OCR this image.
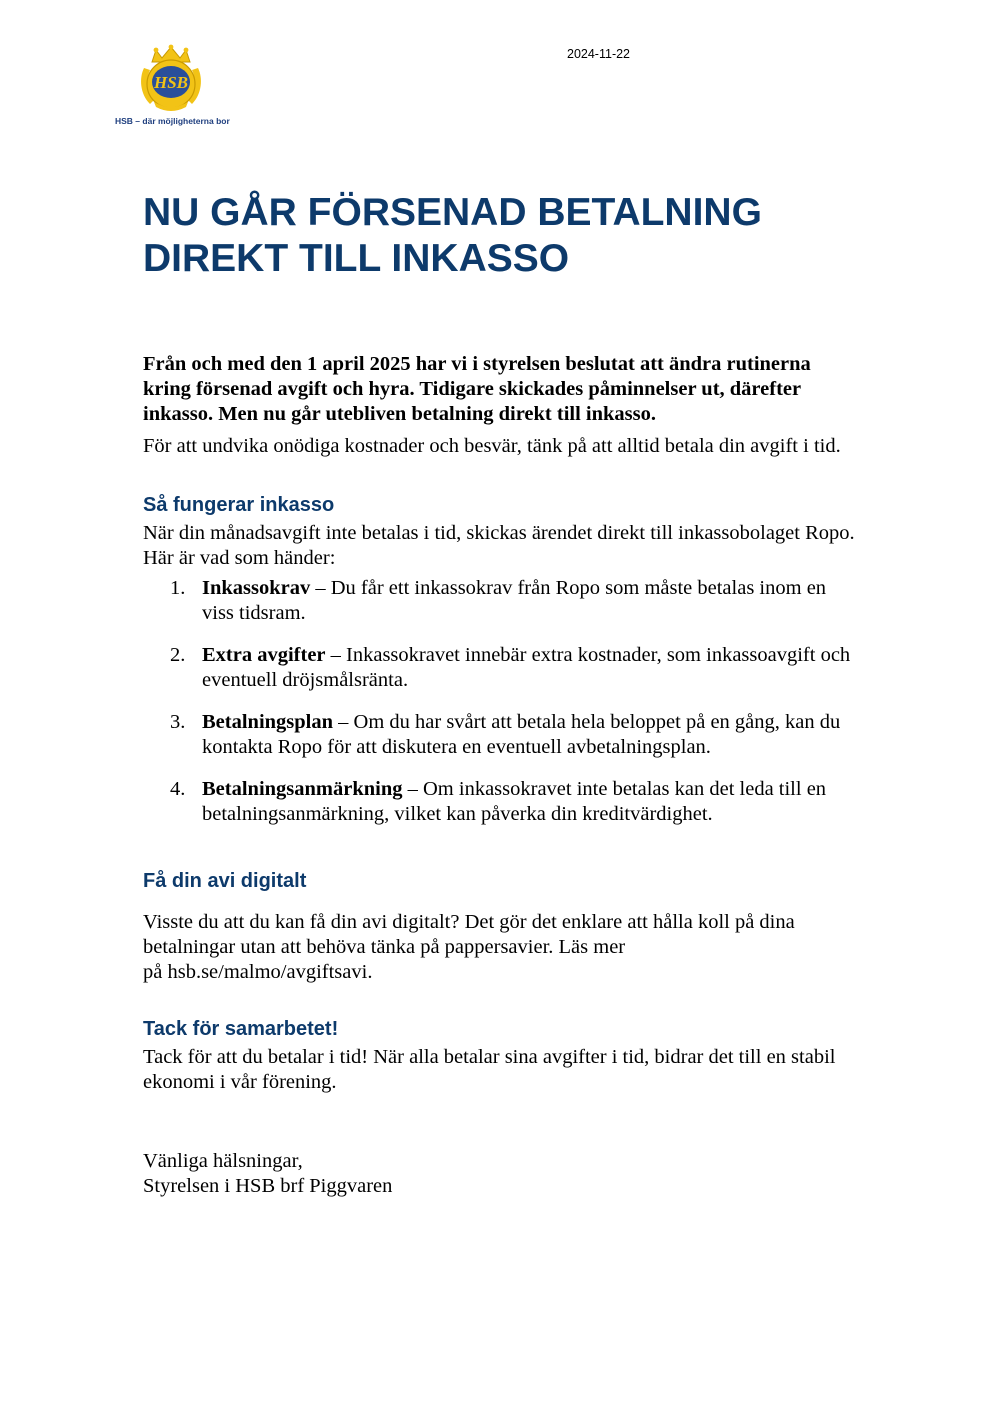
HSB
HSB – där möjligheterna bor
2024-11-22
NU GÅR FÖRSENAD BETALNING
DIREKT TILL INKASSO

Från och med den 1 april 2025 har vi i styrelsen beslutat att ändra rutinerna kring försenad avgift och hyra. Tidigare skickades påminnelser ut, därefter inkasso. Men nu går utebliven betalning direkt till inkasso.

För att undvika onödiga kostnader och besvär, tänk på att alltid betala din avgift i tid.

Så fungerar inkasso

När din månadsavgift inte betalas i tid, skickas ärendet direkt till inkassobolaget Ropo. Här är vad som händer:

1. Inkassokrav – Du får ett inkassokrav från Ropo som måste betalas inom en viss tidsram.
2. Extra avgifter – Inkassokravet innebär extra kostnader, som inkassoavgift och eventuell dröjsmålsränta.
3. Betalningsplan – Om du har svårt att betala hela beloppet på en gång, kan du kontakta Ropo för att diskutera en eventuell avbetalningsplan.
4. Betalningsanmärkning – Om inkassokravet inte betalas kan det leda till en betalningsanmärkning, vilket kan påverka din kreditvärdighet.
Få din avi digitalt

Visste du att du kan få din avi digitalt? Det gör det enklare att hålla koll på dina betalningar utan att behöva tänka på pappersavier. Läs mer
på hsb.se/malmo/avgiftsavi.

Tack för samarbetet!

Tack för att du betalar i tid! När alla betalar sina avgifter i tid, bidrar det till en stabil ekonomi i vår förening.

Vänliga hälsningar,
Styrelsen i HSB brf Piggvaren
